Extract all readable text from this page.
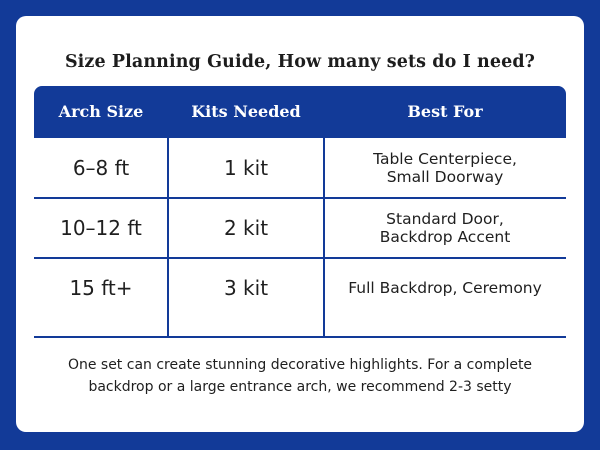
Size Planning Guide, How many sets do I need?
Arch Size	Kits Needed	Best For
6–8 ft	1 kit	Table Centerpiece,
Small Doorway
10–12 ft	2 kit	Standard Door,
Backdrop Accent
15 ft+	3 kit	Full Backdrop, Ceremony
One set can create stunning decorative highlights. For a complete
backdrop or a large entrance arch, we recommend 2-3 setty
